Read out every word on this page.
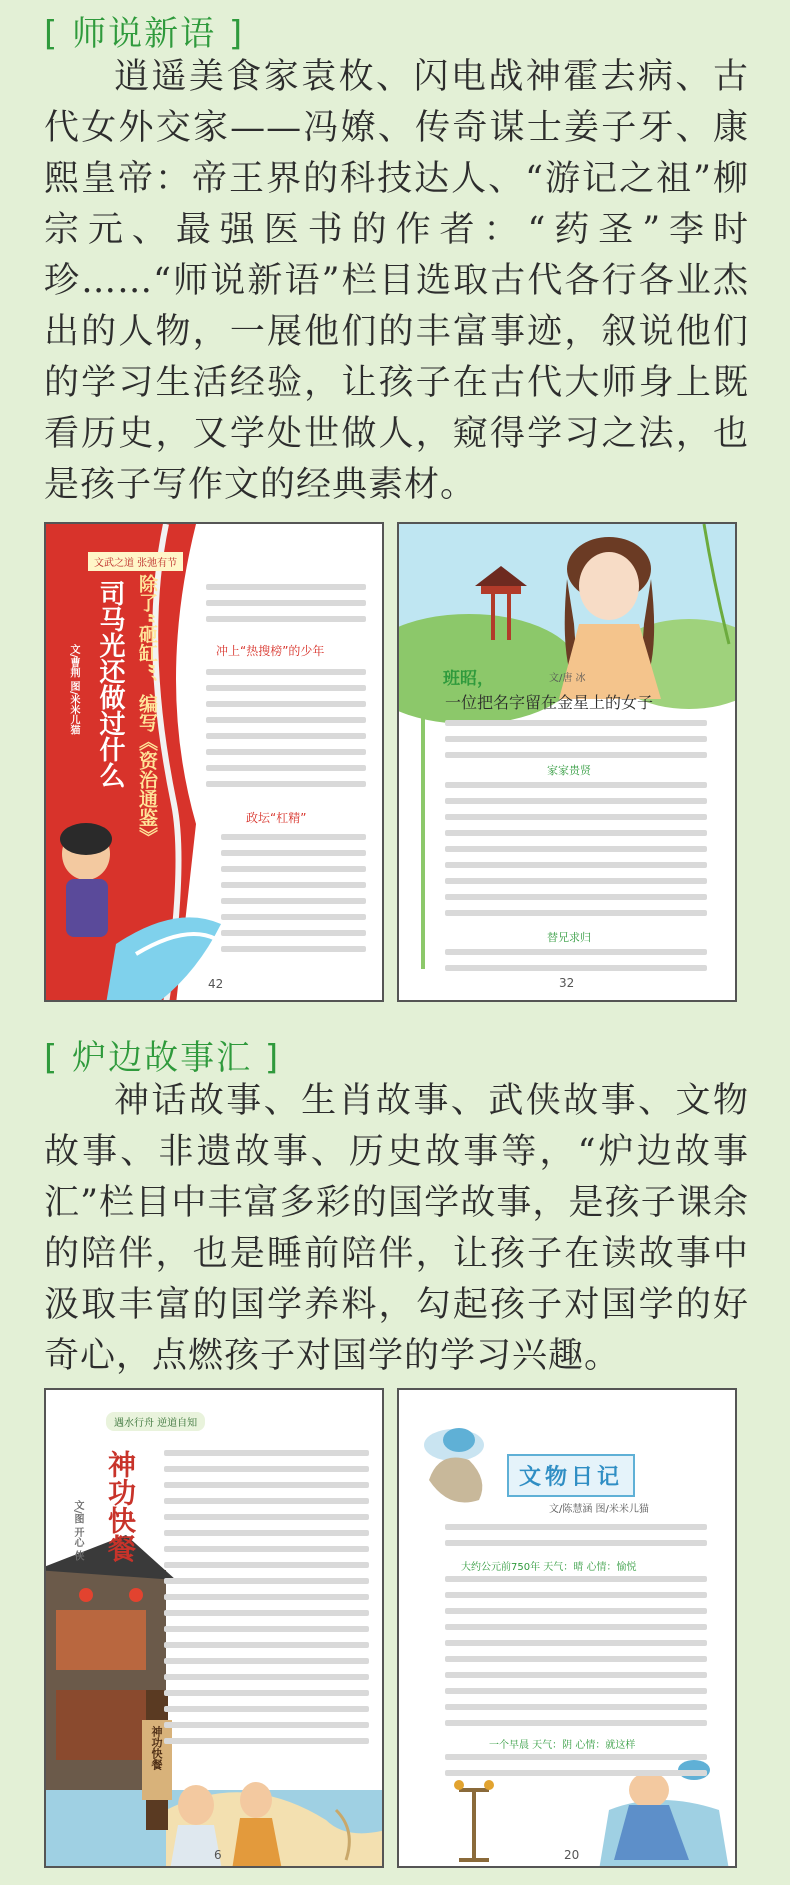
[ 师说新语 ]
逍遥美食家袁枚、闪电战神霍去病、古代女外交家——冯嫽、传奇谋士姜子牙、康熙皇帝：帝王界的科技达人、“游记之祖”柳宗元、最强医书的作者：“药圣”李时珍……“师说新语”栏目选取古代各行各业杰出的人物，一展他们的丰富事迹，叙说他们的学习生活经验，让孩子在古代大师身上既看历史，又学处世做人，窥得学习之法，也是孩子写作文的经典素材。
文武之道 张弛有节
司马光还做过什么 除了“砸缸”、编写《资治通鉴》
文/曹荆 图/米米儿猫	冲上“热搜榜”的少年
政坛“杠精”
42
班昭，	文/唐 冰
一位把名字留在金星上的女子
家家贵贤
替兄求归
32
[ 炉边故事汇 ]
神话故事、生肖故事、武侠故事、文物故事、非遗故事、历史故事等，“炉边故事汇”栏目中丰富多彩的国学故事，是孩子课余的陪伴，也是睡前陪伴，让孩子在读故事中汲取丰富的国学养料，勾起孩子对国学的好奇心，点燃孩子对国学的学习兴趣。
遇水行舟 逆道自知
神功快餐
文/图 开心 侠
神功快餐
6
文物日记
文/陈慧涵 图/米米儿猫
大约公元前750年 天气：晴 心情：愉悦
一个早晨 天气：阴 心情：就这样
20
